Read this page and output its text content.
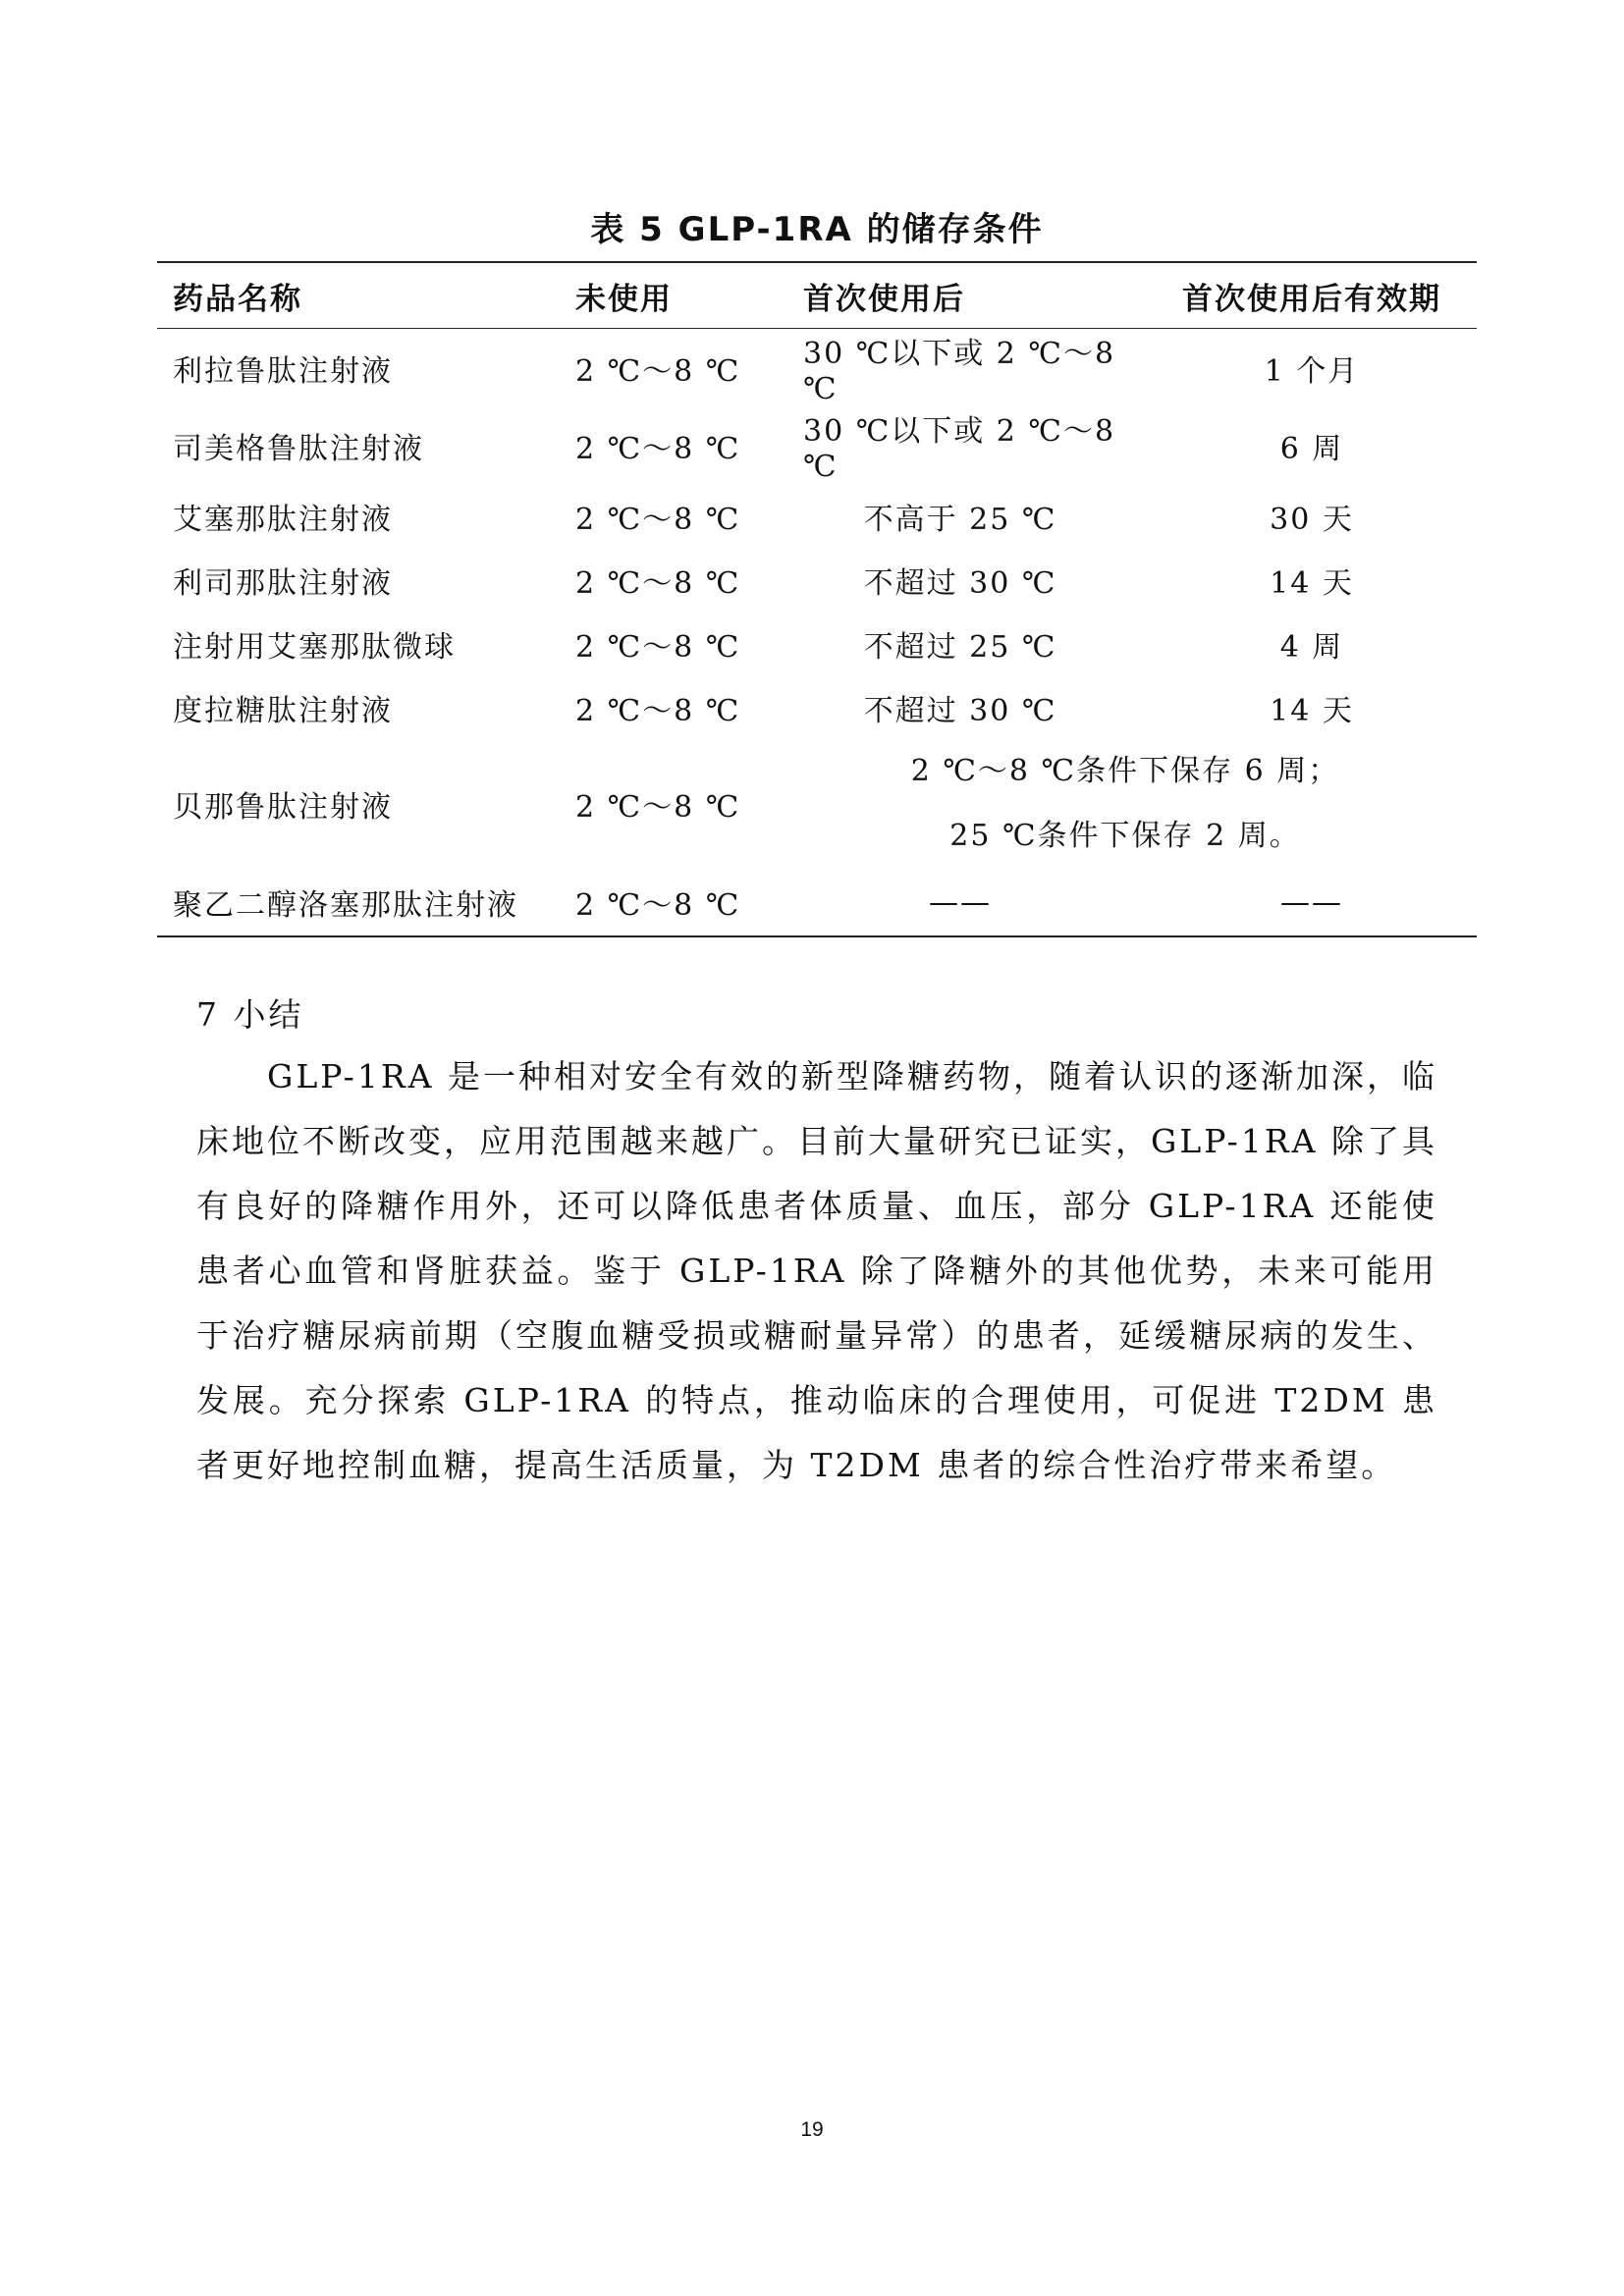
表 5 GLP-1RA 的储存条件
药品名称	未使用	首次使用后	首次使用后有效期
利拉鲁肽注射液	2 ℃～8 ℃	30 ℃以下或 2 ℃～8 ℃	1 个月
司美格鲁肽注射液	2 ℃～8 ℃	30 ℃以下或 2 ℃～8 ℃	6 周
艾塞那肽注射液	2 ℃～8 ℃	不高于 25 ℃	30 天
利司那肽注射液	2 ℃～8 ℃	不超过 30 ℃	14 天
注射用艾塞那肽微球	2 ℃～8 ℃	不超过 25 ℃	4 周
度拉糖肽注射液	2 ℃～8 ℃	不超过 30 ℃	14 天
贝那鲁肽注射液	2 ℃～8 ℃	2 ℃～8 ℃条件下保存 6 周；
25 ℃条件下保存 2 周。	

聚乙二醇洛塞那肽注射液	2 ℃～8 ℃	——	——
7 小结

GLP-1RA 是一种相对安全有效的新型降糖药物，随着认识的逐渐加深，临床地位不断改变，应用范围越来越广。目前大量研究已证实，GLP-1RA 除了具有良好的降糖作用外，还可以降低患者体质量、血压，部分 GLP-1RA 还能使患者心血管和肾脏获益。鉴于 GLP-1RA 除了降糖外的其他优势，未来可能用于治疗糖尿病前期（空腹血糖受损或糖耐量异常）的患者，延缓糖尿病的发生、发展。充分探索 GLP-1RA 的特点，推动临床的合理使用，可促进 T2DM 患者更好地控制血糖，提高生活质量，为 T2DM 患者的综合性治疗带来希望。

19
